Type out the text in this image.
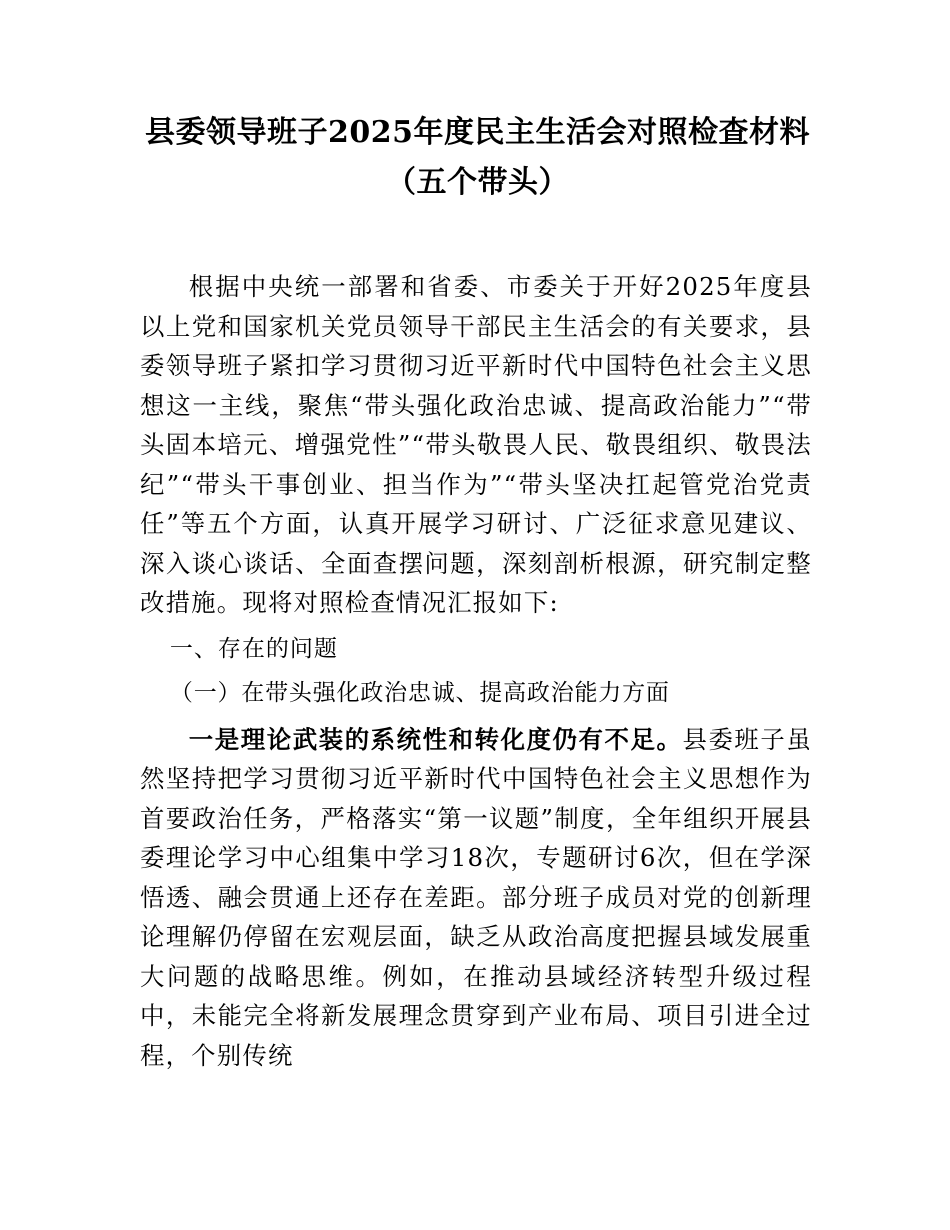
县委领导班子2025年度民主生活会对照检查材料（五个带头）

根据中央统一部署和省委、市委关于开好2025年度县以上党和国家机关党员领导干部民主生活会的有关要求，县委领导班子紧扣学习贯彻习近平新时代中国特色社会主义思想这一主线，聚焦“带头强化政治忠诚、提高政治能力”“带头固本培元、增强党性”“带头敬畏人民、敬畏组织、敬畏法纪”“带头干事创业、担当作为”“带头坚决扛起管党治党责任”等五个方面，认真开展学习研讨、广泛征求意见建议、深入谈心谈话、全面查摆问题，深刻剖析根源，研究制定整改措施。现将对照检查情况汇报如下:

一、存在的问题

（一）在带头强化政治忠诚、提高政治能力方面

一是理论武装的系统性和转化度仍有不足。县委班子虽然坚持把学习贯彻习近平新时代中国特色社会主义思想作为首要政治任务，严格落实“第一议题”制度，全年组织开展县委理论学习中心组集中学习18次，专题研讨6次，但在学深悟透、融会贯通上还存在差距。部分班子成员对党的创新理论理解仍停留在宏观层面，缺乏从政治高度把握县域发展重大问题的战略思维。例如，在推动县域经济转型升级过程中，未能完全将新发展理念贯穿到产业布局、项目引进全过程，个别传统
